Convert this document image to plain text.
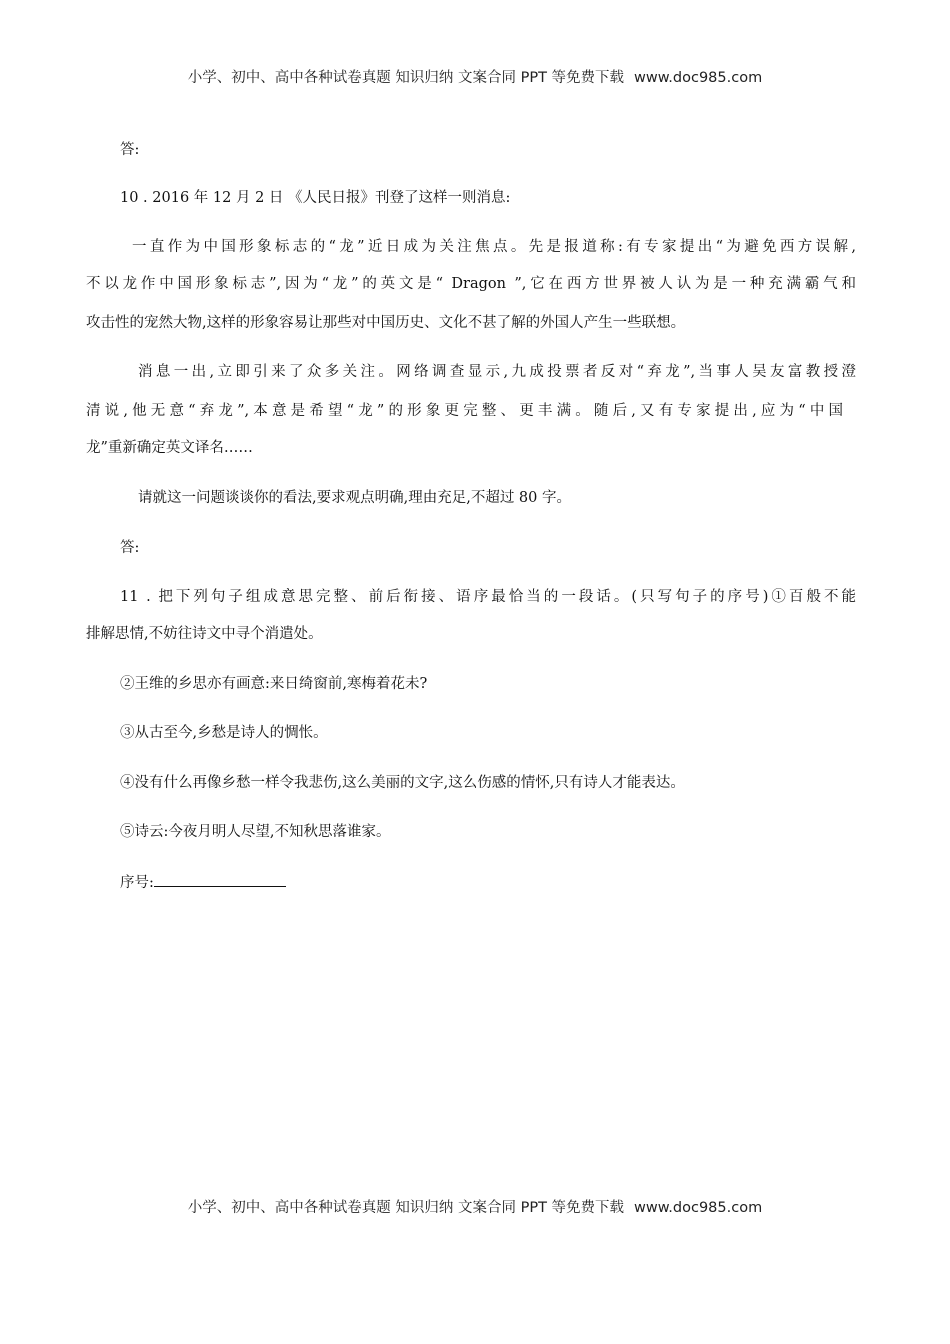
小学、初中、高中各种试卷真题 知识归纳 文案合同 PPT 等免费下载 www.doc985.com
答:
10 . 2016 年 12 月 2 日 《人民日报》刊登了这样一则消息:
一直作为中国形象标志的“龙”近日成为关注焦点。先是报道称:有专家提出“为避免西方误解,
不以龙作中国形象标志”,因为“龙”的英文是“ Dragon ”,它在西方世界被人认为是一种充满霸气和
攻击性的宠然大物,这样的形象容易让那些对中国历史、文化不甚了解的外国人产生一些联想。
消息一出,立即引来了众多关注。网络调查显示,九成投票者反对“弃龙”,当事人吴友富教授澄
清说,他无意“弃龙”,本意是希望“龙”的形象更完整、更丰满。随后,又有专家提出,应为“中国
龙”重新确定英文译名……
请就这一问题谈谈你的看法,要求观点明确,理由充足,不超过 80 字。
答:
11 . 把下列句子组成意思完整、前后衔接、语序最恰当的一段话。(只写句子的序号)①百般不能
排解思情,不妨往诗文中寻个消遣处。
②王维的乡思亦有画意:来日绮窗前,寒梅着花未?
③从古至今,乡愁是诗人的惆怅。
④没有什么再像乡愁一样令我悲伤,这么美丽的文字,这么伤感的情怀,只有诗人才能表达。
⑤诗云:今夜月明人尽望,不知秋思落谁家。
序号:
小学、初中、高中各种试卷真题 知识归纳 文案合同 PPT 等免费下载 www.doc985.com
